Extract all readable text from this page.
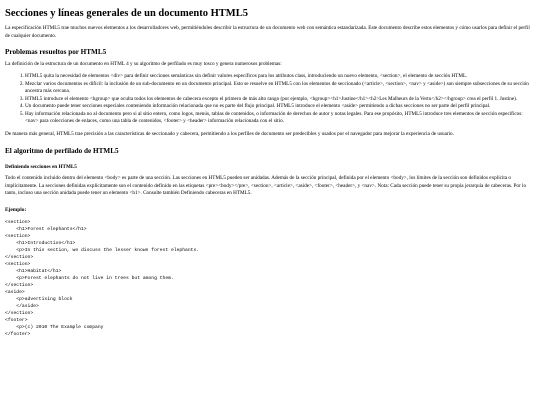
Secciones y líneas generales de un documento HTML5

La especificación HTML5 trae muchos nuevos elementos a los desarrolladores web, permitiéndoles describir la estructura de un documento web con semántica estandarizada. Este documento describe estos elementos y cómo usarlos para definir el perfil de cualquier documento.

Problemas resueltos por HTML5

La definición de la estructura de un documento en HTML 4 y su algoritmo de perfilado es muy tosco y genera numerosos problemas:

1. HTML5 quita la necesidad de elementos <div> para definir secciones semánticas sin definir valores específicos para los atributos class, introduciendo un nuevo elemento, <section>, el elemento de sección HTML.
2. Mezclar varios documentos es difícil: la inclusión de un sub-documento en un documento principal. Esto se resuelve en HTML5 con los elementos de seccionado (<article>, <section>, <nav> y <aside>) son siempre subsecciones de su sección ancestra más cercana.
3. HTML5 introduce el elemento <hgroup> que oculta todos los elementos de cabecera excepto el primero de más alto rango (por ejemplo, <hgroup><h1>Justine</h1><h2>Les Malheurs de la Vertu</h2></hgroup> crea el perfil 1. Justine).
4. Un documento puede tener secciones especiales conteniendo información relacionada que no es parte del flujo principal. HTML5 introduce el elemento <aside> permitiendo a dichas secciones no ser parte del perfil principal.
5. Hay información relacionada no al documento pero si al sitio entero, como logos, menús, tablas de contenidos, o información de derechos de autor y notas legales. Para ese propósito, HTML5 introduce tres elementos de sección específicos: <nav> para colecciones de enlaces, como una tabla de contenidos, <footer> y <header> información relacionada con el sitio.

De manera más general, HTML5 trae precisión a las características de seccionado y cabecera, permitiendo a los perfiles de documento ser predecibles y usados por el navegador para mejorar la experiencia de usuario.

El algoritmo de perfilado de HTML5
Definiendo secciones en HTML5

Todo el contenido incluido dentro del elemento <body> es parte de una sección. Las secciones en HTML5 pueden ser anidadas. Además de la sección principal, definida por el elemento <body>, los límites de la sección son definidos explícita o implícitamente. La secciones definidas explícitamente son el contenido definido en las etiquetas <pre><body></pre>, <section>, <article>, <aside>, <footer>, <header>, y <nav>. Nota: Cada sección puede tener su propia jerarquía de cabeceras. Por lo tanto, incluso una sección anidada puede tener un elemento <h1>. Consulte también Definiendo cabeceras en HTML5.

Ejemplo:
<section>
<h1>Forest elephants</h1>
<section>
<h1>Introduction</h1>
<p>In this section, we discuss the lesser known forest elephants.
</section>
<section>
<h1>Habitat</h1>
<p>Forest elephants do not live in trees but among them.
</section>
<aside>
<p>advertising block
</aside>
</section>
<footer>
<p>(c) 2010 The Example company
</footer>
